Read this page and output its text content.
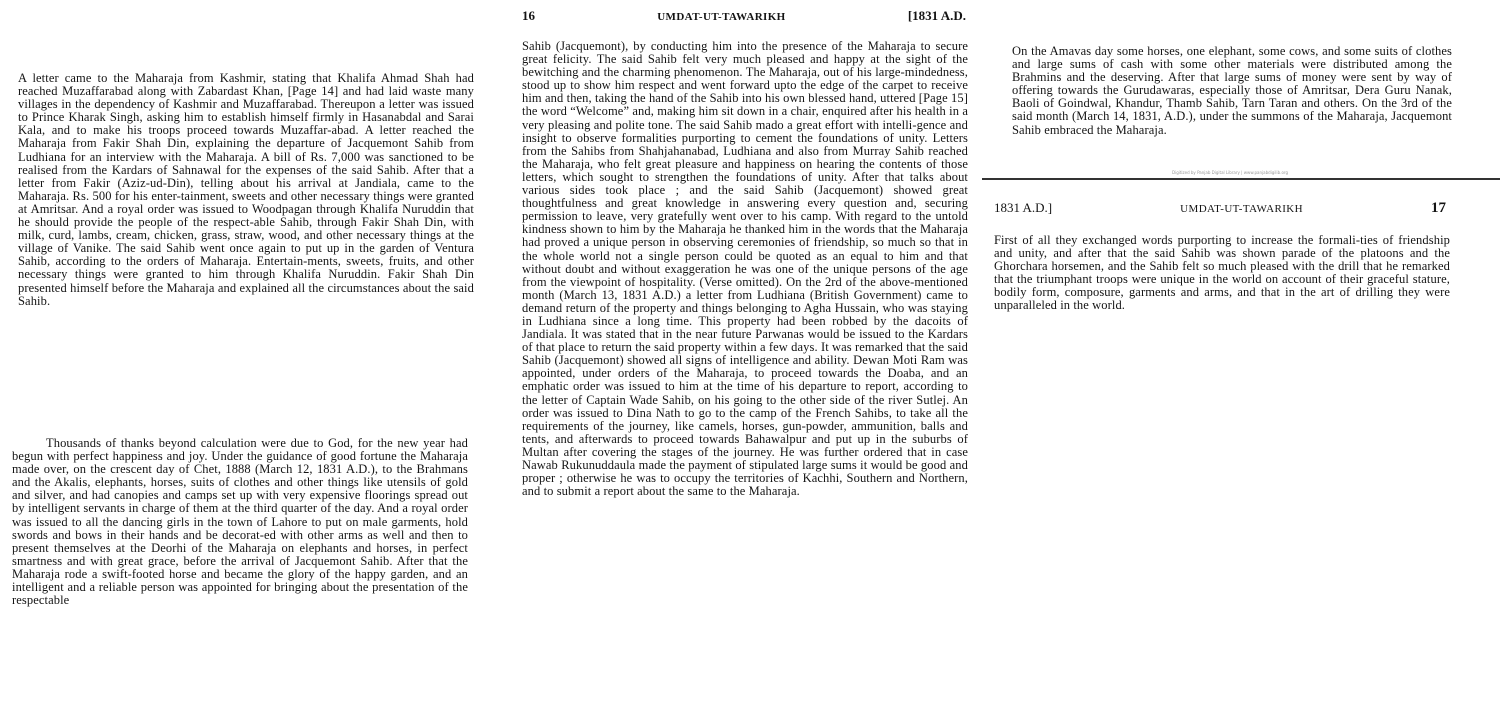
A letter came to the Maharaja from Kashmir, stating that Khalifa Ahmad Shah had reached Muzaffarabad along with Zabardast Khan, [Page 14] and had laid waste many villages in the dependency of Kashmir and Muzaffarabad. Thereupon a letter was issued to Prince Kharak Singh, asking him to establish himself firmly in Hasanabdal and Sarai Kala, and to make his troops proceed towards Muzaffar-abad. A letter reached the Maharaja from Fakir Shah Din, explaining the departure of Jacquemont Sahib from Ludhiana for an interview with the Maharaja. A bill of Rs. 7,000 was sanctioned to be realised from the Kardars of Sahnawal for the expenses of the said Sahib. After that a letter from Fakir (Aziz-ud-Din), telling about his arrival at Jandiala, came to the Maharaja. Rs. 500 for his enter-tainment, sweets and other necessary things were granted at Amritsar. And a royal order was issued to Woodpagan through Khalifa Nuruddin that he should provide the people of the respect-able Sahib, through Fakir Shah Din, with milk, curd, lambs, cream, chicken, grass, straw, wood, and other necessary things at the village of Vanike. The said Sahib went once again to put up in the garden of Ventura Sahib, according to the orders of Maharaja. Entertain-ments, sweets, fruits, and other necessary things were granted to him through Khalifa Nuruddin. Fakir Shah Din presented himself before the Maharaja and explained all the circumstances about the said Sahib.

Thousands of thanks beyond calculation were due to God, for the new year had begun with perfect happiness and joy. Under the guidance of good fortune the Maharaja made over, on the crescent day of Chet, 1888 (March 12, 1831 A.D.), to the Brahmans and the Akalis, elephants, horses, suits of clothes and other things like utensils of gold and silver, and had canopies and camps set up with very expensive floorings spread out by intelligent servants in charge of them at the third quarter of the day. And a royal order was issued to all the dancing girls in the town of Lahore to put on male garments, hold swords and bows in their hands and be decorat-ed with other arms as well and then to present themselves at the Deorhi of the Maharaja on elephants and horses, in perfect smartness and with great grace, before the arrival of Jacquemont Sahib. After that the Maharaja rode a swift-footed horse and became the glory of the happy garden, and an intelligent and a reliable person was appointed for bringing about the presentation of the respectable

16	UMDAT-UT-TAWARIKH	[1831 A.D.

Sahib (Jacquemont), by conducting him into the presence of the Maharaja to secure great felicity. The said Sahib felt very much pleased and happy at the sight of the bewitching and the charming phenomenon. The Maharaja, out of his large-mindedness, stood up to show him respect and went forward upto the edge of the carpet to receive him and then, taking the hand of the Sahib into his own blessed hand, uttered [Page 15] the word “Welcome” and, making him sit down in a chair, enquired after his health in a very pleasing and polite tone. The said Sahib mado a great effort with intelli-gence and insight to observe formalities purporting to cement the foundations of unity. Letters from the Sahibs from Shahjahanabad, Ludhiana and also from Murray Sahib reached the Maharaja, who felt great pleasure and happiness on hearing the contents of those letters, which sought to strengthen the foundations of unity. After that talks about various sides took place ; and the said Sahib (Jacquemont) showed great thoughtfulness and great knowledge in answering every question and, securing permission to leave, very gratefully went over to his camp. With regard to the untold kindness shown to him by the Maharaja he thanked him in the words that the Maharaja had proved a unique person in observing ceremonies of friendship, so much so that in the whole world not a single person could be quoted as an equal to him and that without doubt and without exaggeration he was one of the unique persons of the age from the viewpoint of hospitality. (Verse omitted). On the 2rd of the above-mentioned month (March 13, 1831 A.D.) a letter from Ludhiana (British Government) came to demand return of the property and things belonging to Agha Hussain, who was staying in Ludhiana since a long time. This property had been robbed by the dacoits of Jandiala. It was stated that in the near future Parwanas would be issued to the Kardars of that place to return the said property within a few days. It was remarked that the said Sahib (Jacquemont) showed all signs of intelligence and ability. Dewan Moti Ram was appointed, under orders of the Maharaja, to proceed towards the Doaba, and an emphatic order was issued to him at the time of his departure to report, according to the letter of Captain Wade Sahib, on his going to the other side of the river Sutlej. An order was issued to Dina Nath to go to the camp of the French Sahibs, to take all the requirements of the journey, like camels, horses, gun-powder, ammunition, balls and tents, and afterwards to proceed towards Bahawalpur and put up in the suburbs of Multan after covering the stages of the journey. He was further ordered that in case Nawab Rukunuddaula made the payment of stipulated large sums it would be good and proper ; otherwise he was to occupy the territories of Kachhi, Southern and Northern, and to submit a report about the same to the Maharaja.

On the Amavas day some horses, one elephant, some cows, and some suits of clothes and large sums of cash with some other materials were distributed among the Brahmins and the deserving. After that large sums of money were sent by way of offering towards the Gurudawaras, especially those of Amritsar, Dera Guru Nanak, Baoli of Goindwal, Khandur, Thamb Sahib, Tarn Taran and others. On the 3rd of the said month (March 14, 1831, A.D.), under the summons of the Maharaja, Jacquemont Sahib embraced the Maharaja.

Digitized by Panjab Digital Library | www.panjabdigilib.org
1831 A.D.]	UMDAT-UT-TAWARIKH	17

First of all they exchanged words purporting to increase the formali-ties of friendship and unity, and after that the said Sahib was shown parade of the platoons and the Ghorchara horsemen, and the Sahib felt so much pleased with the drill that he remarked that the triumphant troops were unique in the world on account of their graceful stature, bodily form, composure, garments and arms, and that in the art of drilling they were unparalleled in the world.
